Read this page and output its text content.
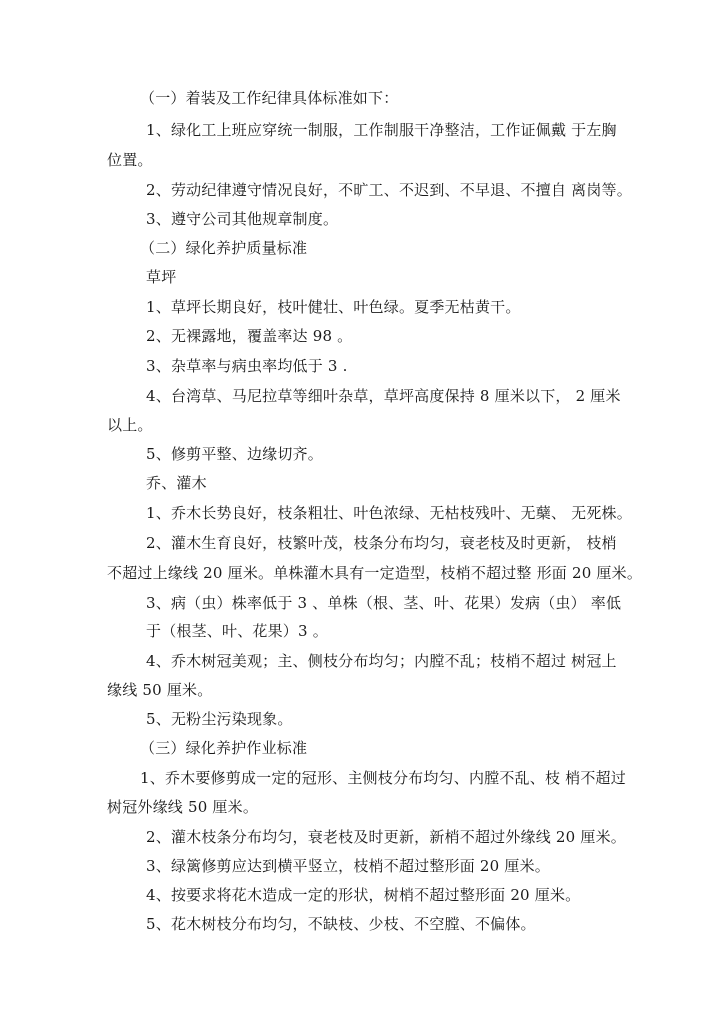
（一）着装及工作纪律具体标准如下：
1、绿化工上班应穿统一制服，工作制服干净整洁，工作证佩戴 于左胸
位置。
2、劳动纪律遵守情况良好，不旷工、不迟到、不早退、不擅自 离岗等。
3、遵守公司其他规章制度。
（二）绿化养护质量标准
草坪
1、草坪长期良好，枝叶健壮、叶色绿。夏季无枯黄干。
2、无裸露地，覆盖率达 98 。
3、杂草率与病虫率均低于 3 .
4、台湾草、马尼拉草等细叶杂草，草坪高度保持 8 厘米以下， 2 厘米
以上。
5、修剪平整、边缘切齐。
乔、灌木
1、乔木长势良好，枝条粗壮、叶色浓绿、无枯枝残叶、无蘖、 无死株。
2、灌木生育良好，枝繁叶茂，枝条分布均匀，衰老枝及时更新， 枝梢
不超过上缘线 20 厘米。单株灌木具有一定造型，枝梢不超过整 形面 20 厘米。
3、病（虫）株率低于 3 、单株（根、茎、叶、花果）发病（虫） 率低
于（根茎、叶、花果）3 。
4、乔木树冠美观；主、侧枝分布均匀；内膛不乱；枝梢不超过 树冠上
缘线 50 厘米。
5、无粉尘污染现象。
（三）绿化养护作业标准
1、乔木要修剪成一定的冠形、主侧枝分布均匀、内膛不乱、枝 梢不超过
树冠外缘线 50 厘米。
2、灌木枝条分布均匀，衰老枝及时更新，新梢不超过外缘线 20 厘米。
3、绿篱修剪应达到横平竖立，枝梢不超过整形面 20 厘米。
4、按要求将花木造成一定的形状，树梢不超过整形面 20 厘米。
5、花木树枝分布均匀，不缺枝、少枝、不空膛、不偏体。
